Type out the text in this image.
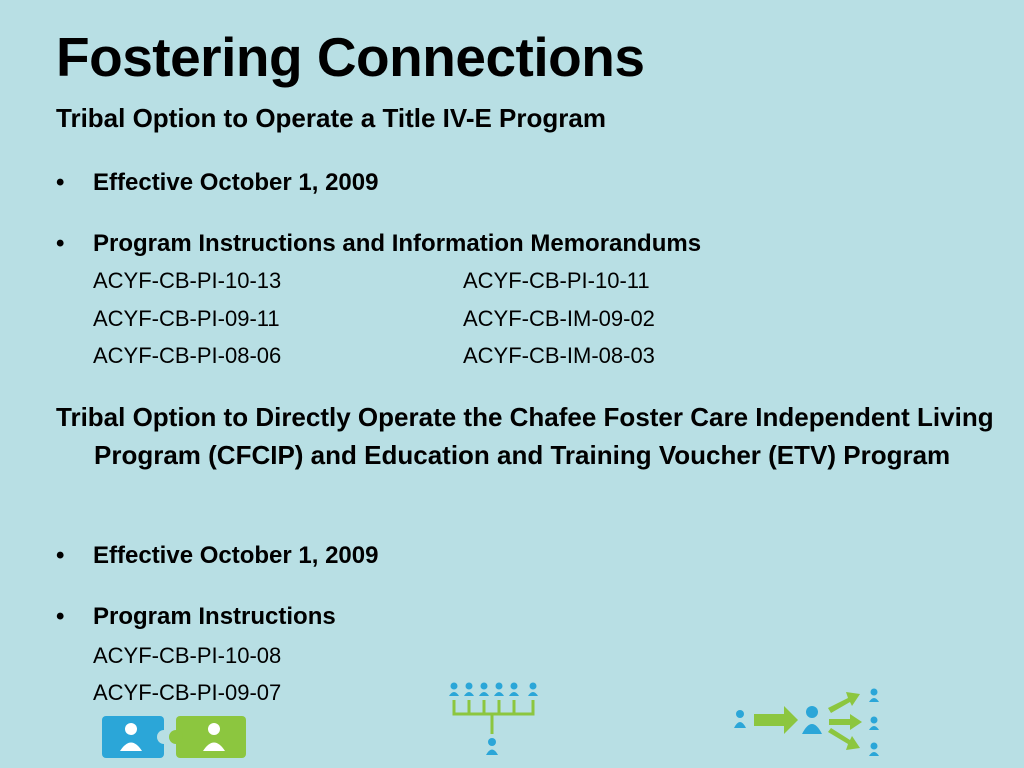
Fostering Connections
Tribal Option to Operate a Title IV-E Program
• Effective October 1, 2009
• Program Instructions and Information Memorandums
ACYF-CB-PI-10-13
ACYF-CB-PI-09-11
ACYF-CB-PI-08-06
ACYF-CB-PI-10-11
ACYF-CB-IM-09-02
ACYF-CB-IM-08-03
Tribal Option to Directly Operate the Chafee Foster Care Independent Living Program (CFCIP) and Education and Training Voucher (ETV) Program
• Effective October 1, 2009
• Program Instructions
ACYF-CB-PI-10-08
ACYF-CB-PI-09-07
